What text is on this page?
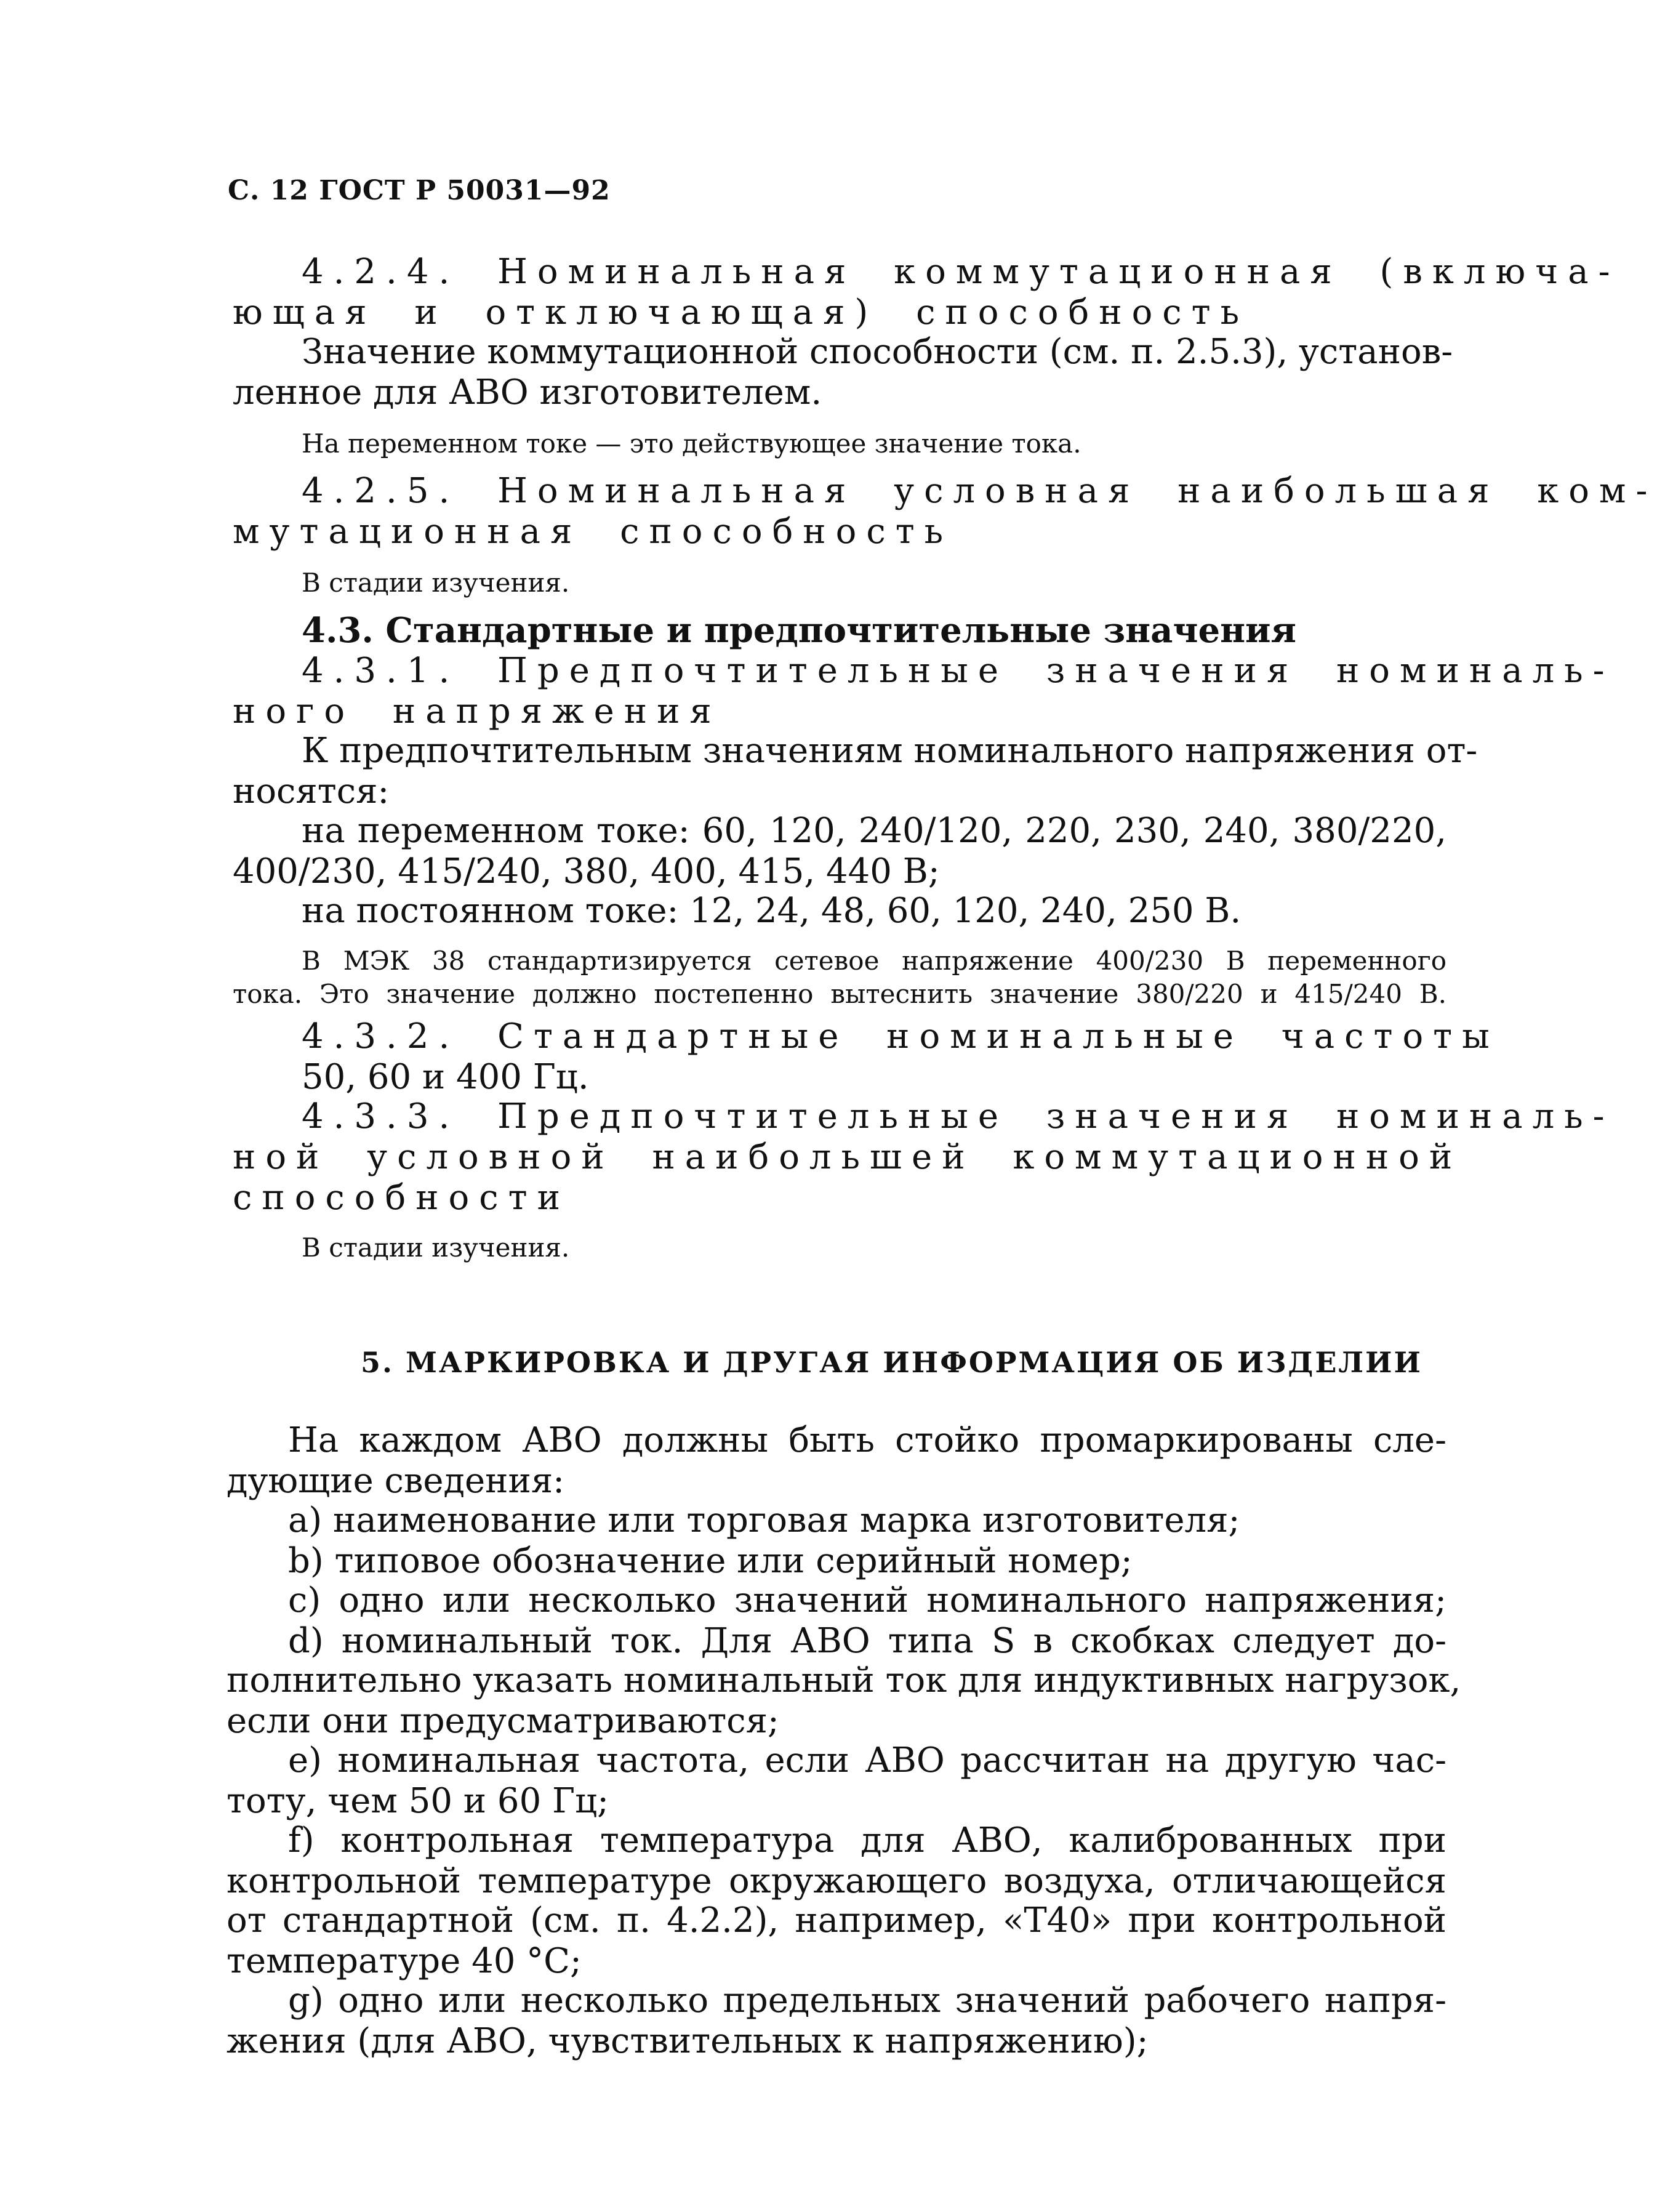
С. 12 ГОСТ Р 50031—92
4.2.4. Номинальная коммутационная (включа-
ющая и отключающая) способность
Значение коммутационной способности (см. п. 2.5.3), установ-
ленное для АВО изготовителем.
На переменном токе — это действующее значение тока.
4.2.5. Номинальная условная наибольшая ком-
мутационная способность
В стадии изучения.
4.3. Стандартные и предпочтительные значения
4.3.1. Предпочтительные значения номиналь-
ного напряжения
К предпочтительным значениям номинального напряжения от-
носятся:
на переменном токе: 60, 120, 240/120, 220, 230, 240, 380/220,
400/230, 415/240, 380, 400, 415, 440 В;
на постоянном токе: 12, 24, 48, 60, 120, 240, 250 В.
В МЭК 38 стандартизируется сетевое напряжение 400/230 В переменного
тока. Это значение должно постепенно вытеснить значение 380/220 и 415/240 В.
4.3.2. Стандартные номинальные частоты
50, 60 и 400 Гц.
4.3.3. Предпочтительные значения номиналь-
ной условной наибольшей коммутационной
способности
В стадии изучения.
5. МАРКИРОВКА И ДРУГАЯ ИНФОРМАЦИЯ ОБ ИЗДЕЛИИ
На каждом АВО должны быть стойко промаркированы сле-
дующие сведения:
а) наименование или торговая марка изготовителя;
b) типовое обозначение или серийный номер;
с) одно или несколько значений номинального напряжения;
d) номинальный ток. Для АВО типа S в скобках следует до-
полнительно указать номинальный ток для индуктивных нагрузок,
если они предусматриваются;
е) номинальная частота, если АВО рассчитан на другую час-
тоту, чем 50 и 60 Гц;
f) контрольная температура для АВО, калиброванных при
контрольной температуре окружающего воздуха, отличающейся
от стандартной (см. п. 4.2.2), например, «Т40» при контрольной
температуре 40 °С;
g) одно или несколько предельных значений рабочего напря-
жения (для АВО, чувствительных к напряжению);
